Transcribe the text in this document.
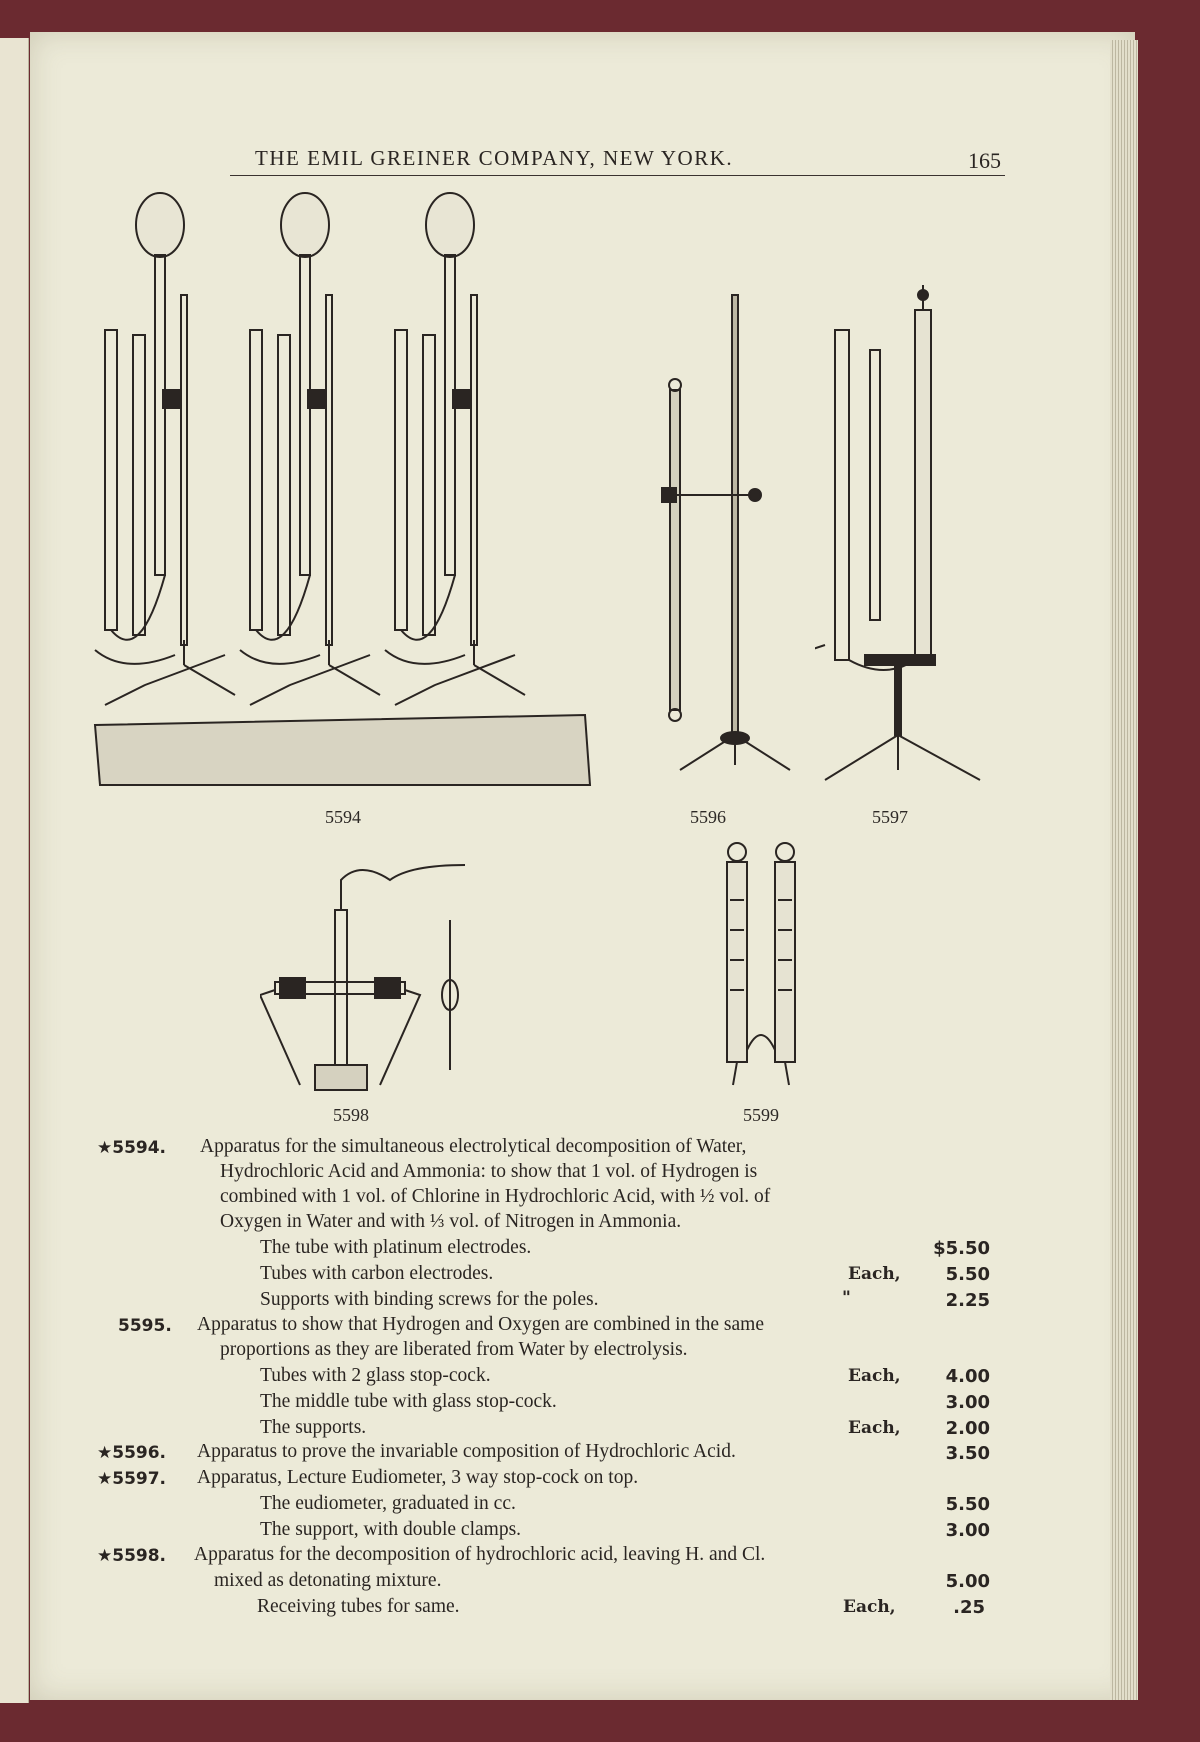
THE EMIL GREINER COMPANY, NEW YORK.	165
5594	5596	5597
5598	5599
★5594. Apparatus for the simultaneous electrolytical decomposition of Water,
Hydrochloric Acid and Ammonia: to show that 1 vol. of Hydrogen is
combined with 1 vol. of Chlorine in Hydrochloric Acid, with ½ vol. of
Oxygen in Water and with ⅓ vol. of Nitrogen in Ammonia.
The tube with platinum electrodes.	$5.50
Tubes with carbon electrodes.	Each,	5.50
Supports with binding screws for the poles.	"	2.25
5595. Apparatus to show that Hydrogen and Oxygen are combined in the same
proportions as they are liberated from Water by electrolysis.
Tubes with 2 glass stop-cock.	Each,	4.00
The middle tube with glass stop-cock.	3.00
The supports.	Each,	2.00
★5596. Apparatus to prove the invariable composition of Hydrochloric Acid.	3.50
★5597. Apparatus, Lecture Eudiometer, 3 way stop-cock on top.
The eudiometer, graduated in cc.	5.50
The support, with double clamps.	3.00
★5598. Apparatus for the decomposition of hydrochloric acid, leaving H. and Cl.
mixed as detonating mixture.	5.00
Receiving tubes for same.	Each,	.25
